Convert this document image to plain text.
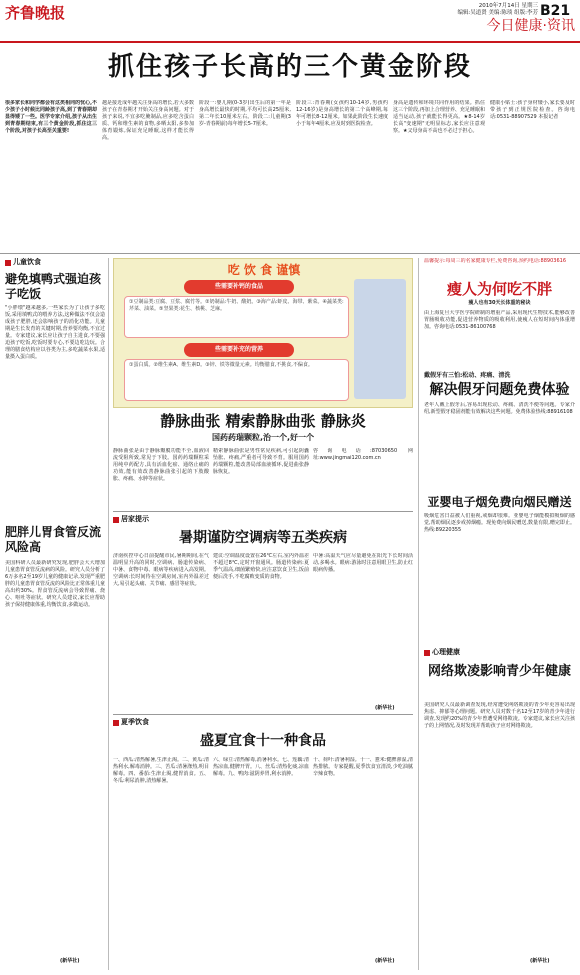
齐鲁晚报	2010年7月14日 星期三
编辑:吴道贤 美编:陈琰 组版:李芳 B21
今日健康·资讯
抓住孩子长高的三个黄金阶段
很多家长和同学都会有这类相同的忧心,不少孩子小时候比同龄孩子高,到了青春期却显得矮了一些。医学专家介绍,孩子从出生到青春期结束,有三个黄金阶段,抓住这三个阶段,对孩子长高至关重要!
越是接近成年越关注身高的增长,若大多数孩子在青春期才开始关注身高问题。对于孩子来说,不宜多吃腌制品,应多吃含蛋白质、钙和维生素的食物,多晒太阳,多参加体育锻炼,保证充足睡眠,这样才能长得高。
阶段一:婴儿期(0-3岁)出生后的第一年是身高增长最快的时期,平均可长高25厘米,第二年长10厘米左右。阶段二:儿童期(3岁-青春期前)每年增长5-7厘米。
阶段三:青春期(女孩约10-14岁,男孩约12-16岁)是身高增长的第二个高峰期,每年可增长8-12厘米。如果此阶段生长速度小于每年4厘米,应及时到医院检查。
身高是遗传和环境共同作用的结果。抓住这三个阶段,再加上合理营养、充足睡眠和适当运动,孩子就能长得更高。★8-14岁长高"变速期"无明显标志,家长应注意观察。★父母身高不高也不必过于担心。
健康小贴士:孩子身材矮小,家长要及时带孩子到正规医院检查。咨询电话:0531-88907529 本报记者
儿童饮食
避免填鸭式强迫孩子吃饭
"小胖墩"越来越多,一些家长为了让孩子多吃饭,采用填鸭式的喂养方法,这种做法不仅会造成孩子肥胖,还会影响孩子的消化功能。儿童期是生长发育的关键时期,营养要均衡,不宜过量。专家建议,家长应让孩子自主进食,不要强迫孩子吃饭,吃饭时要专心,不要边吃边玩。合理的膳食结构应以谷类为主,多吃蔬菜水果,适量摄入蛋白质。
肥胖儿胃食管反流风险高
美国科研人员最新研究发现,肥胖会大大增加儿童患胃食管反流病的风险。研究人员分析了6万多名2至19岁儿童的健康记录,发现严重肥胖的儿童患胃食管反流的风险比正常体重儿童高出约30%。胃食管反流病会导致胃痛、烧心、呕吐等症状。研究人员建议,家长应帮助孩子保持健康体重,均衡饮食,多做运动。
(新华社)
吃 饮 食 谨慎
些需要补钙的食品
①豆制品类:豆腐、豆浆、腐竹等。②奶制品:牛奶、酸奶。③海产品:虾皮、海带、紫菜。④蔬菜类:芹菜、油菜。⑤坚果类:花生、核桃、芝麻。
些需要补充的营养
①蛋白质。②维生素A、维生素D。③锌、铁等微量元素。均衡膳食,不挑食,不偏食。
静脉曲张 精索静脉曲张 静脉炎
国药药瑞颗粒,治一个,好一个
静脉曲张是由于静脉瓣膜功能不全,血液回流受阻所致,常见于下肢。国药药瑞颗粒采用纯中药配方,具有活血化瘀、通络止痛的功效,能有效改善静脉曲张引起的下肢酸胀、疼痛、水肿等症状。
精索静脉曲张是男性常见疾病,可引起阴囊坠胀、疼痛,严重者可导致不育。服用国药药瑞颗粒,能改善局部血液循环,促进曲张静脉恢复。
咨询电话:87030650 网址:www.jingmai120.com.cn
居家提示
暑期谨防空调病等五类疾病
济南疾控中心日前提醒市民,暑期期间,在气温明显升高的同时,空调病、肠道传染病、中暑、食物中毒、眼病等疾病进入高发期。空调病:长时间待在空调房间,室内外温差过大,易引起头痛、关节痛、感冒等症状。
建议:空调温度设置在26℃左右,室内外温差不超过8℃,定时开窗通风。肠道传染病:夏季气温高,细菌繁殖快,应注意饮食卫生,饭前便后洗手,不吃腐败变质的食物。
中暑:高温天气应尽量避免在阳光下长时间活动,多喝水。眼病:游泳时注意用眼卫生,防止红眼病传播。
(新华社)
夏季饮食
盛夏宜食十一种食品
一、西瓜:清热解暑,生津止渴。二、黄瓜:清热利水,解毒消肿。三、苦瓜:清暑涤热,明目解毒。四、番茄:生津止渴,健胃消食。五、冬瓜:利尿消肿,清热解暑。
六、绿豆:清热解毒,消暑利水。七、莲藕:清热凉血,健脾开胃。八、丝瓜:清热化痰,凉血解毒。九、鸭肉:滋阴养胃,利水消肿。
十、荷叶:清暑利湿。十一、薏米:健脾渗湿,清热排脓。专家提醒,夏季饮食宜清淡,少吃油腻辛辣食物。
(新华社)
温馨提示:每周三的名家健康专栏,免费咨询,预约电话:88903616
瘦人为何吃不胖
瘦人也有30天长体重的秘诀
由上海复旦大学医学院研制的增重产品,采用现代生物技术,能够改善胃肠吸收功能,促进营养物质的吸收利用,使瘦人在短时间内体重增加。咨询电话:0531-86100768
戴假牙有三怕:松动、疼痛、清洗
解决假牙问题免费体验
老年人戴上假牙后,容易出现松动、疼痛、清洗不便等问题。专家介绍,新型假牙稳固剂能有效解决这些问题。免费体验热线:88916108
亚婴电子烟免费向烟民赠送
吸烟危害日益被人们重视,戒烟却很难。亚婴电子烟能模拟吸烟的感觉,帮助烟民逐步戒掉烟瘾。现免费向烟民赠送,数量有限,赠完即止。热线:89220355
心理健康
网络欺凌影响青少年健康
美国研究人员最新调查发现,经常遭受网络欺凌的青少年更容易出现焦虑、抑郁等心理问题。研究人员对数千名12至17岁的青少年进行调查,发现约20%的青少年曾遭受网络欺凌。专家建议,家长应关注孩子的上网情况,及时发现并帮助孩子应对网络欺凌。
(新华社)
